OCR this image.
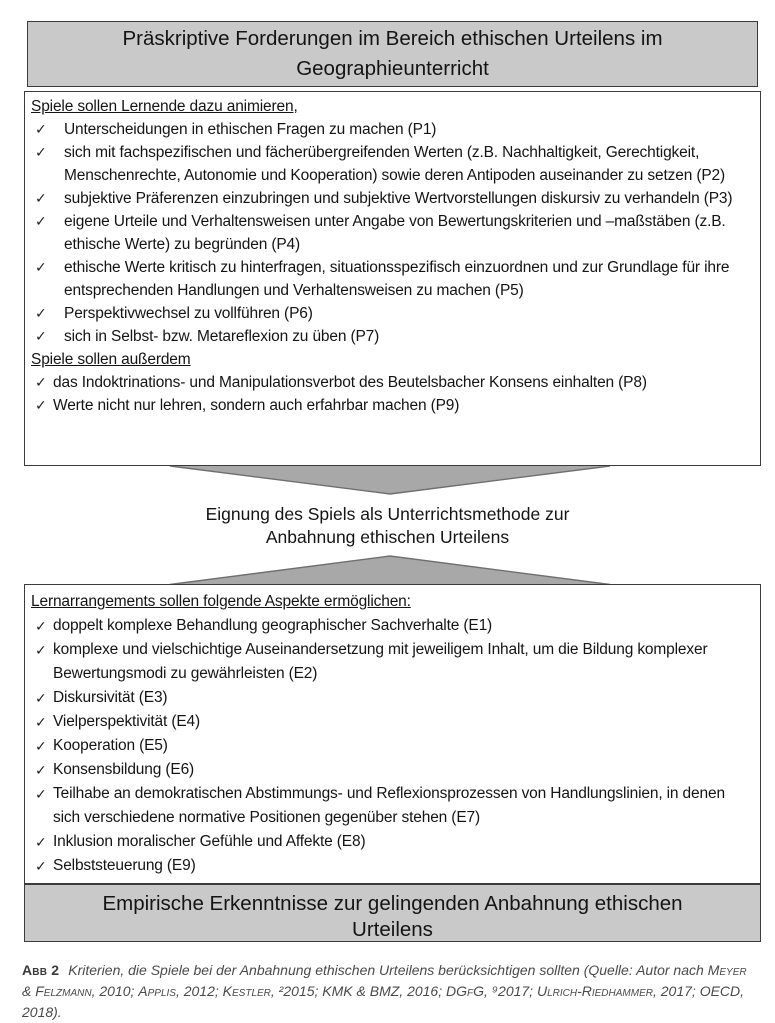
Präskriptive Forderungen im Bereich ethischen Urteilens im
Geographieunterricht
Spiele sollen Lernende dazu animieren,
✓ Unterscheidungen in ethischen Fragen zu machen (P1)
✓ sich mit fachspezifischen und fächerübergreifenden Werten (z.B. Nachhaltigkeit, Gerechtigkeit, Menschenrechte, Autonomie und Kooperation) sowie deren Antipoden auseinander zu setzen (P2)
✓ subjektive Präferenzen einzubringen und subjektive Wertvorstellungen diskursiv zu verhandeln (P3)
✓ eigene Urteile und Verhaltensweisen unter Angabe von Bewertungskriterien und –maßstäben (z.B. ethische Werte) zu begründen (P4)
✓ ethische Werte kritisch zu hinterfragen, situationsspezifisch einzuordnen und zur Grundlage für ihre entsprechenden Handlungen und Verhaltensweisen zu machen (P5)
✓ Perspektivwechsel zu vollführen (P6)
✓ sich in Selbst- bzw. Metareflexion zu üben (P7)
Spiele sollen außerdem
✓ das Indoktrinations- und Manipulationsverbot des Beutelsbacher Konsens einhalten (P8)
✓ Werte nicht nur lehren, sondern auch erfahrbar machen (P9)
Eignung des Spiels als Unterrichtsmethode zur
Anbahnung ethischen Urteilens
Lernarrangements sollen folgende Aspekte ermöglichen:
✓ doppelt komplexe Behandlung geographischer Sachverhalte (E1)
✓ komplexe und vielschichtige Auseinandersetzung mit jeweiligem Inhalt, um die Bildung komplexer Bewertungsmodi zu gewährleisten (E2)
✓ Diskursivität (E3)
✓ Vielperspektivität (E4)
✓ Kooperation (E5)
✓ Konsensbildung (E6)
✓ Teilhabe an demokratischen Abstimmungs- und Reflexionsprozessen von Handlungslinien, in denen sich verschiedene normative Positionen gegenüber stehen (E7)
✓ Inklusion moralischer Gefühle und Affekte (E8)
✓ Selbststeuerung (E9)
Empirische Erkenntnisse zur gelingenden Anbahnung ethischen
Urteilens

Abb 2 Kriterien, die Spiele bei der Anbahnung ethischen Urteilens berücksichtigen sollten (Quelle: Autor nach Meyer & Felzmann, 2010; Applis, 2012; Kestler, ²2015; KMK & BMZ, 2016; DGfG, ⁹2017; Ulrich-Riedhammer, 2017; OECD, 2018).
